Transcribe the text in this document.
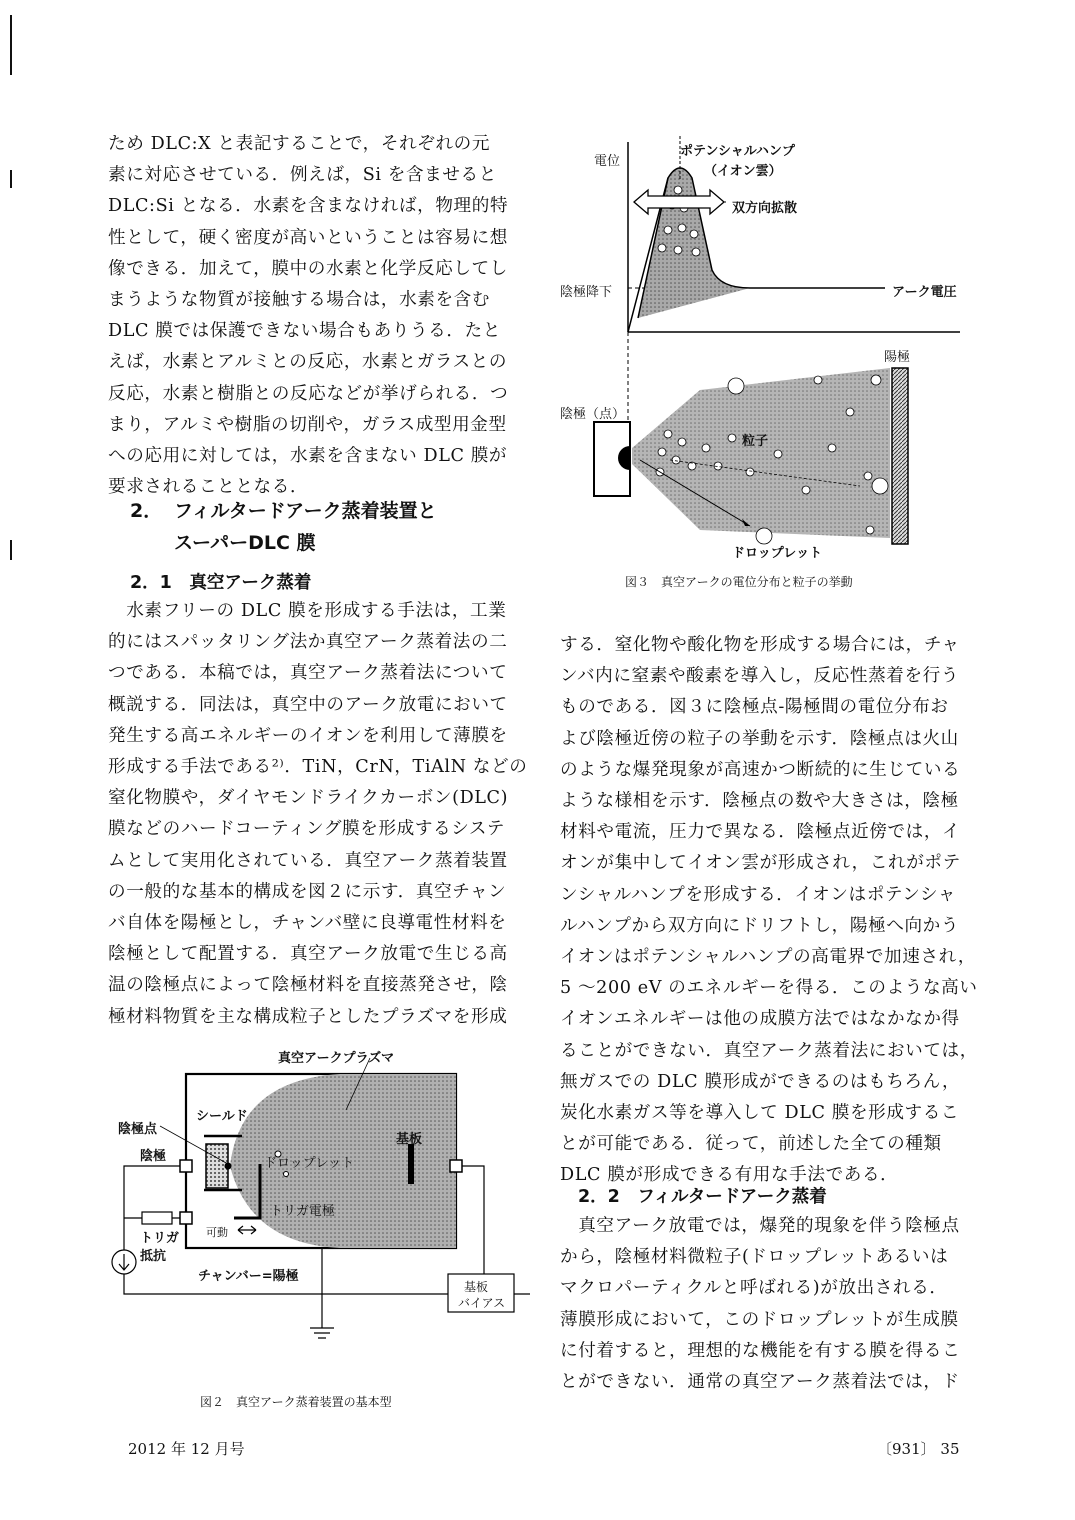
ため DLC:X と表記することで，それぞれの元

素に対応させている．例えば，Si を含ませると

DLC:Si となる．水素を含まなければ，物理的特

性として，硬く密度が高いということは容易に想

像できる．加えて，膜中の水素と化学反応してし

まうような物質が接触する場合は，水素を含む

DLC 膜では保護できない場合もありうる．たと

えば，水素とアルミとの反応，水素とガラスとの

反応，水素と樹脂との反応などが挙げられる．つ

まり，アルミや樹脂の切削や，ガラス成型用金型

への応用に対しては，水素を含まない DLC 膜が

要求されることとなる．

2． フィルタードアーク蒸着装置と
スーパーDLC 膜
2．1　真空アーク蒸着

　水素フリーの DLC 膜を形成する手法は，工業

的にはスパッタリング法か真空アーク蒸着法の二

つである．本稿では，真空アーク蒸着法について

概説する．同法は，真空中のアーク放電において

発生する高エネルギーのイオンを利用して薄膜を

形成する手法である²⁾．TiN，CrN，TiAlN などの

窒化物膜や，ダイヤモンドライクカーボン(DLC)

膜などのハードコーティング膜を形成するシステ

ムとして実用化されている．真空アーク蒸着装置

の一般的な基本的構成を図２に示す．真空チャン

バ自体を陽極とし，チャンバ壁に良導電性材料を

陰極として配置する．真空アーク放電で生じる高

温の陰極点によって陰極材料を直接蒸発させ，陰

極材料物質を主な構成粒子としたプラズマを形成

する．窒化物や酸化物を形成する場合には，チャ

ンバ内に窒素や酸素を導入し，反応性蒸着を行う

ものである．図３に陰極点-陽極間の電位分布お

よび陰極近傍の粒子の挙動を示す．陰極点は火山

のような爆発現象が高速かつ断続的に生じている

ような様相を示す．陰極点の数や大きさは，陰極

材料や電流，圧力で異なる．陰極点近傍では，イ

オンが集中してイオン雲が形成され，これがポテ

ンシャルハンプを形成する．イオンはポテンシャ

ルハンプから双方向にドリフトし，陽極へ向かう

イオンはポテンシャルハンプの高電界で加速され，

5 ～200 eV のエネルギーを得る．このような高い

イオンエネルギーは他の成膜方法ではなかなか得

ることができない．真空アーク蒸着法においては，

無ガスでの DLC 膜形成ができるのはもちろん，

炭化水素ガス等を導入して DLC 膜を形成するこ

とが可能である．従って，前述した全ての種類

DLC 膜が形成できる有用な手法である．

2．2　フィルタードアーク蒸着

　真空アーク放電では，爆発的現象を伴う陰極点

から，陰極材料微粒子(ドロップレットあるいは

マクロパーティクルと呼ばれる)が放出される．

薄膜形成において，このドロップレットが生成膜

に付着すると，理想的な機能を有する膜を得るこ

とができない．通常の真空アーク蒸着法では，ド

電位
ポテンシャルハンプ
（イオン雲）
双方向拡散
陰極降下	アーク電圧
陽極
陰極（点）
粒子
ドロップレット
図３　真空アークの電位分布と粒子の挙動
真空アークプラズマ
シールド
陰極点
陰極	ドロップレット
基板
トリガ電極
可動
トリガ
抵抗
チャンバー=陽極
基板
バイアス
図２　真空アーク蒸着装置の基本型
2012 年 12 月号	〔931〕 35
